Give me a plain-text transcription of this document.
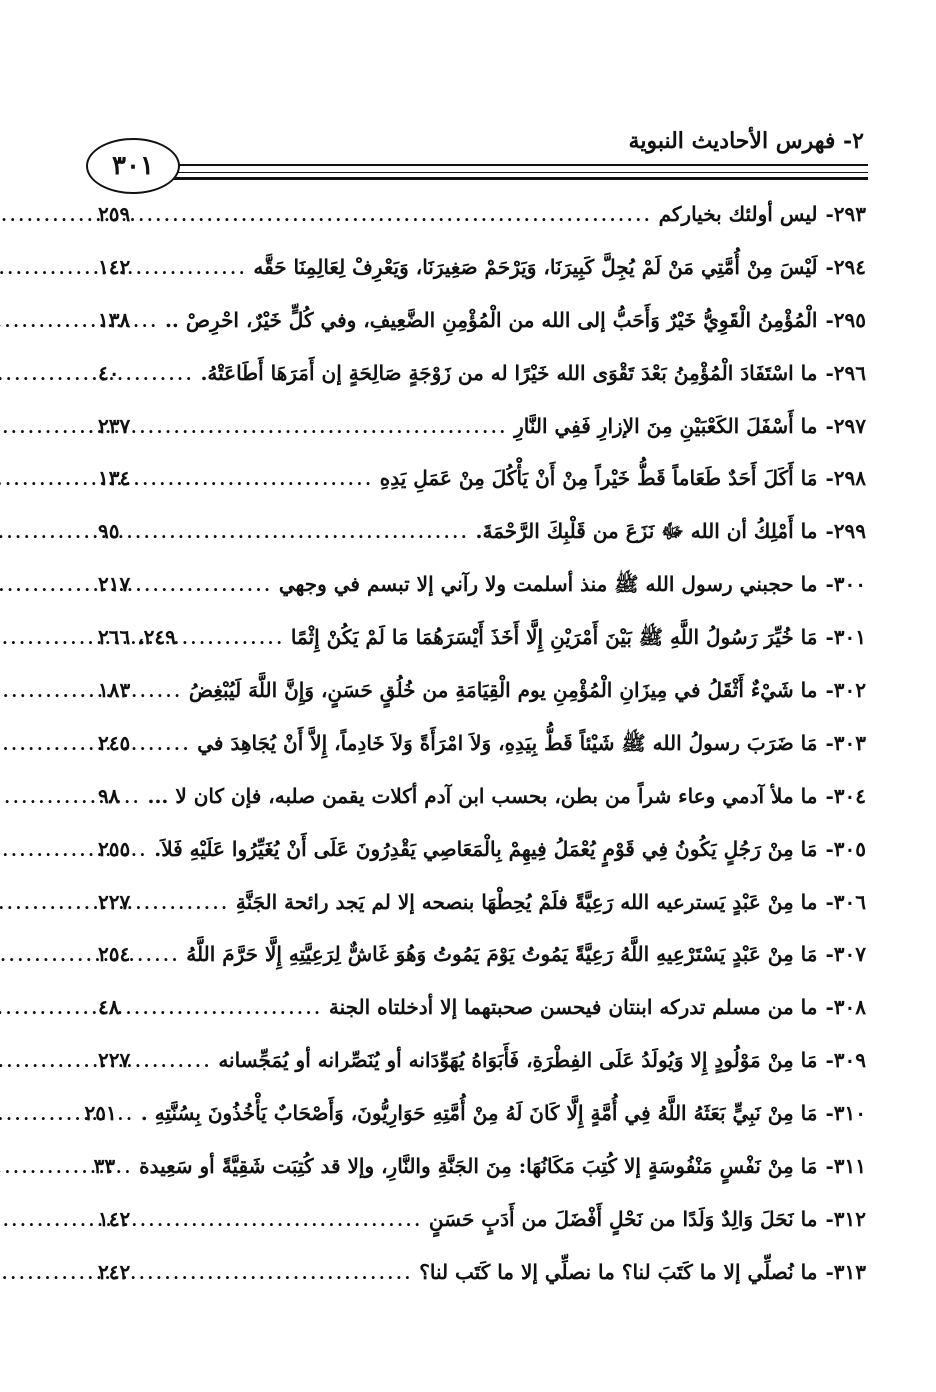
٢- فهرس الأحاديث النبوية
٣٠١
٢٩٣-
ليس أولئك بخياركم
.....
٢٥٩
٢٩٤-
لَيْسَ مِنْ أُمَّتِي مَنْ لَمْ يُجِلَّ كَبِيرَنَا، وَيَرْحَمْ صَغِيرَنَا، وَيَعْرِفْ لِعَالِمِنَا حَقَّه
.....
١٤٢
٢٩٥-
الْمُؤْمِنُ الْقَوِيُّ خَيْرٌ وَأَحَبُّ إلى الله من الْمُؤْمِنِ الضَّعِيفِ، وفي كُلٍّ خَيْرٌ، احْرِصْ ..
.....
١٣٨
٢٩٦-
ما اسْتَفَادَ الْمُؤْمِنُ بَعْدَ تَقْوَى الله خَيْرًا له من زَوْجَةٍ صَالِحَةٍ إن أَمَرَهَا أَطَاعَتْهُ.
.....
٤٠
٢٩٧-
ما أَسْفَلَ الكَعْبَيْنِ مِنَ الإزارِ فَفِي النَّارِ
.....
٢٣٧
٢٩٨-
مَا أَكَلَ أَحَدٌ طَعَاماً قَطُّ خَيْراً مِنْ أَنْ يَأْكُلَ مِنْ عَمَلِ يَدِهِ
.....
١٣٤
٢٩٩-
ما أَمْلِكُ أن الله ﷻ نَزَعَ من قَلْبِكَ الرَّحْمَةَ.
.....
٩٥
٣٠٠-
ما حجبني رسول الله ﷺ منذ أسلمت ولا رآني إلا تبسم في وجهي
.....
٢١٧
٣٠١-
مَا خُيِّرَ رَسُولُ اللَّهِ ﷺ بَيْنَ أَمْرَيْنِ إِلَّا أَخَذَ أَيْسَرَهُمَا مَا لَمْ يَكُنْ إِثْمًا
.....
٢٤٩، ٢٦٦
٣٠٢-
ما شَيْءٌ أَثْقَلُ في مِيزَانِ الْمُؤْمِنِ يوم الْقِيَامَةِ من خُلُقٍ حَسَنٍ، وَإِنَّ اللَّهَ لَيُبْغِضُ
.....
١٨٣
٣٠٣-
مَا ضَرَبَ رسولُ الله ﷺ شَيْئاً قَطُّ بِيَدِهِ، وَلاَ امْرَأَةً وَلاَ خَادِماً، إِلاَّ أَنْ يُجَاهِدَ في
.....
٢٤٥
٣٠٤-
ما ملأ آدمي وعاء شراً من بطن، بحسب ابن آدم أكلات يقمن صلبه، فإن كان لا ...
.....
٩٨
٣٠٥-
مَا مِنْ رَجُلٍ يَكُونُ فِي قَوْمٍ يُعْمَلُ فِيهِمْ بِالْمَعَاصِي يَقْدِرُونَ عَلَى أَنْ يُغَيِّرُوا عَلَيْهِ فَلاَ.
.....
٢٥٥
٣٠٦-
ما مِنْ عَبْدٍ يَسترعيه الله رَعِيَّةً فلَمْ يُحِطْهَا بنصحه إلا لم يَجد رائحة الجَنَّةِ
.....
٢٢٧
٣٠٧-
مَا مِنْ عَبْدٍ يَسْتَرْعِيهِ اللَّهُ رَعِيَّةً يَمُوتُ يَوْمَ يَمُوتُ وَهُوَ غَاشٌّ لِرَعِيَّتِهِ إِلَّا حَرَّمَ اللَّهُ
.....
٢٥٤
٣٠٨-
ما من مسلم تدركه ابنتان فيحسن صحبتهما إلا أدخلتاه الجنة
.....
٤٨
٣٠٩-
مَا مِنْ مَوْلُودٍ إِلا وَيُولَدُ عَلَى الفِطْرَةِ، فَأَبَوَاهُ يُهَوِّدَانه أو يُنَصِّرانه أو يُمَجِّسانه
.....
٢٢٧
٣١٠-
مَا مِنْ نَبِيٍّ بَعَثَهُ اللَّهُ فِي أُمَّةٍ إِلَّا كَانَ لَهُ مِنْ أُمَّتِهِ حَوَارِيُّونَ، وَأَصْحَابٌ يَأْخُذُونَ بِسُنَّتِهِ .
.....
٢٥١
٣١١-
مَا مِنْ نَفْسٍ مَنْفُوسَةٍ إلا كُتِبَ مَكَانُهَا: مِنَ الجَنَّةِ والنَّارِ، وإلا قد كُتِبَت شَقِيَّةً أو سَعِيدة
.....
٣٣
٣١٢-
ما نَحَلَ وَالِدٌ وَلَدًا من نَحْلٍ أَفْضَلَ من أَدَبٍ حَسَنٍ
.....
١٤٢
٣١٣-
ما نُصلِّي إلا ما كَتَبَ لنا؟ ما نصلِّي إلا ما كَتَب لنا؟
.....
٢٤٢
